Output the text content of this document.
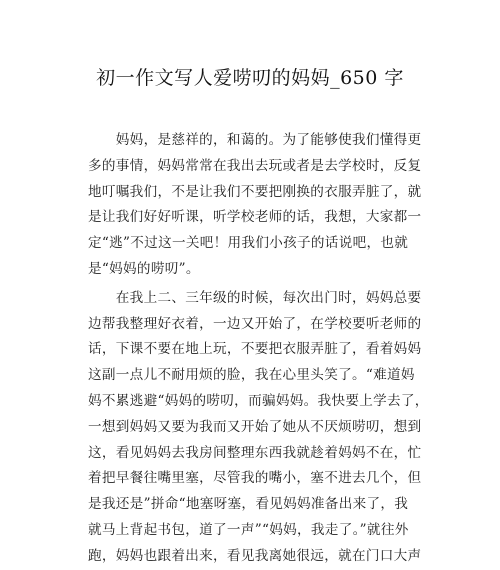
初一作文写人爱唠叨的妈妈_650 字
　　妈妈，是慈祥的，和蔼的。为了能够使我们懂得更
多的事情，妈妈常常在我出去玩或者是去学校时，反复
地叮嘱我们，不是让我们不要把刚换的衣服弄脏了，就
是让我们好好听课，听学校老师的话，我想，大家都一
定“逃”不过这一关吧！用我们小孩子的话说吧，也就
是“妈妈的唠叨”。
　　在我上二、三年级的时候，每次出门时，妈妈总要
边帮我整理好衣着，一边又开始了，在学校要听老师的
话，下课不要在地上玩，不要把衣服弄脏了，看着妈妈
这副一点儿不耐用烦的脸，我在心里头笑了。“难道妈
妈不累逃避“妈妈的唠叨，而骗妈妈。我快要上学去了，
一想到妈妈又要为我而又开始了她从不厌烦唠叨，想到
这，看见妈妈去我房间整理东西我就趁着妈妈不在，忙
着把早餐往嘴里塞，尽管我的嘴小，塞不进去几个，但
是我还是”拼命“地塞呀塞，看见妈妈准备出来了，我
就马上背起书包，道了一声”“妈妈，我走了。”就往外
跑，妈妈也跟着出来，看见我离她很远，就在门口大声
